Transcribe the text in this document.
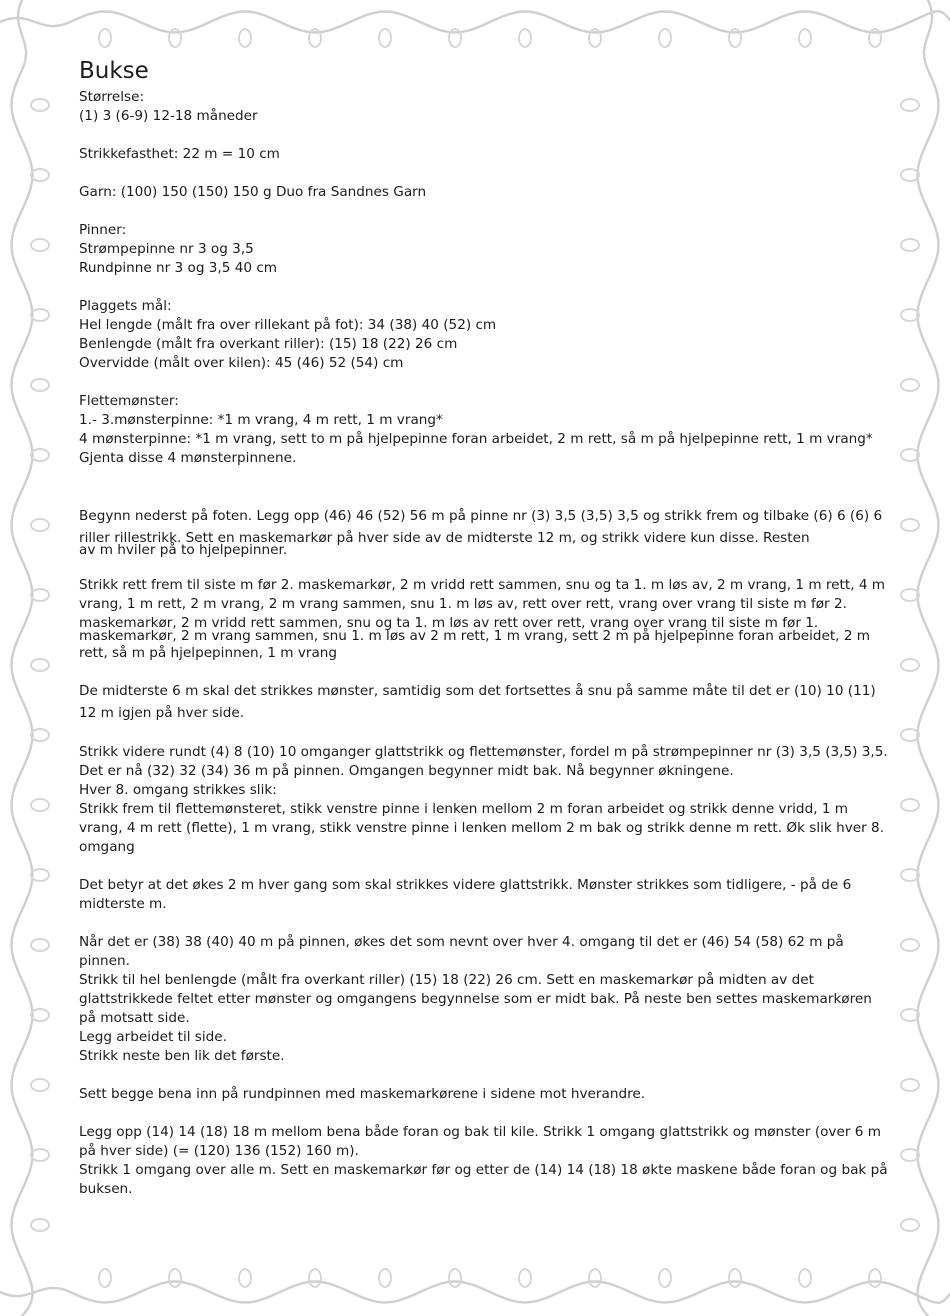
Bukse

Størrelse:

(1) 3 (6-9) 12-18 måneder

Strikkefasthet: 22 m = 10 cm

Garn: (100) 150 (150) 150 g Duo fra Sandnes Garn

Pinner:

Strømpepinne nr 3 og 3,5

Rundpinne nr 3 og 3,5 40 cm

Plaggets mål:

Hel lengde (målt fra over rillekant på fot): 34 (38) 40 (52) cm

Benlengde (målt fra overkant riller): (15) 18 (22) 26 cm

Overvidde (målt over kilen): 45 (46) 52 (54) cm

Flettemønster:

1.- 3.mønsterpinne: *1 m vrang, 4 m rett, 1 m vrang*

4 mønsterpinne: *1 m vrang, sett to m på hjelpepinne foran arbeidet, 2 m rett, så m på hjelpepinne rett, 1 m vrang*

Gjenta disse 4 mønsterpinnene.

Begynn nederst på foten. Legg opp (46) 46 (52) 56 m på pinne nr (3) 3,5 (3,5) 3,5 og strikk frem og tilbake (6) 6 (6) 6 riller rillestrikk. Sett en maskemarkør på hver side av de midterste 12 m, og strikk videre kun disse. Resten

av m hviler på to hjelpepinner.

Strikk rett frem til siste m før 2. maskemarkør, 2 m vridd rett sammen, snu og ta 1. m løs av, 2 m vrang, 1 m rett, 4 m vrang, 1 m rett, 2 m vrang, 2 m vrang sammen, snu 1. m løs av, rett over rett, vrang over vrang til siste m før 2. maskemarkør, 2 m vridd rett sammen, snu og ta 1. m løs av rett over rett, vrang over vrang til siste m før 1.

maskemarkør, 2 m vrang sammen, snu 1. m løs av 2 m rett, 1 m vrang, sett 2 m på hjelpepinne foran arbeidet, 2 m rett, så m på hjelpepinnen, 1 m vrang

De midterste 6 m skal det strikkes mønster, samtidig som det fortsettes å snu på samme måte til det er (10) 10 (11) 12 m igjen på hver side.

Strikk videre rundt (4) 8 (10) 10 omganger glattstrikk og flettemønster, fordel m på strømpepinner nr (3) 3,5 (3,5) 3,5. Det er nå (32) 32 (34) 36 m på pinnen. Omgangen begynner midt bak. Nå begynner økningene.

Hver 8. omgang strikkes slik:

Strikk frem til flettemønsteret, stikk venstre pinne i lenken mellom 2 m foran arbeidet og strikk denne vridd, 1 m vrang, 4 m rett (flette), 1 m vrang, stikk venstre pinne i lenken mellom 2 m bak og strikk denne m rett. Øk slik hver 8. omgang

Det betyr at det økes 2 m hver gang som skal strikkes videre glattstrikk. Mønster strikkes som tidligere, - på de 6 midterste m.

Når det er (38) 38 (40) 40 m på pinnen, økes det som nevnt over hver 4. omgang til det er (46) 54 (58) 62 m på pinnen.

Strikk til hel benlengde (målt fra overkant riller) (15) 18 (22) 26 cm. Sett en maskemarkør på midten av det glattstrikkede feltet etter mønster og omgangens begynnelse som er midt bak. På neste ben settes maskemarkøren på motsatt side.

Legg arbeidet til side.

Strikk neste ben lik det første.

Sett begge bena inn på rundpinnen med maskemarkørene i sidene mot hverandre.

Legg opp (14) 14 (18) 18 m mellom bena både foran og bak til kile. Strikk 1 omgang glattstrikk og mønster (over 6 m på hver side) (= (120) 136 (152) 160 m).

Strikk 1 omgang over alle m. Sett en maskemarkør før og etter de (14) 14 (18) 18 økte maskene både foran og bak på buksen.
